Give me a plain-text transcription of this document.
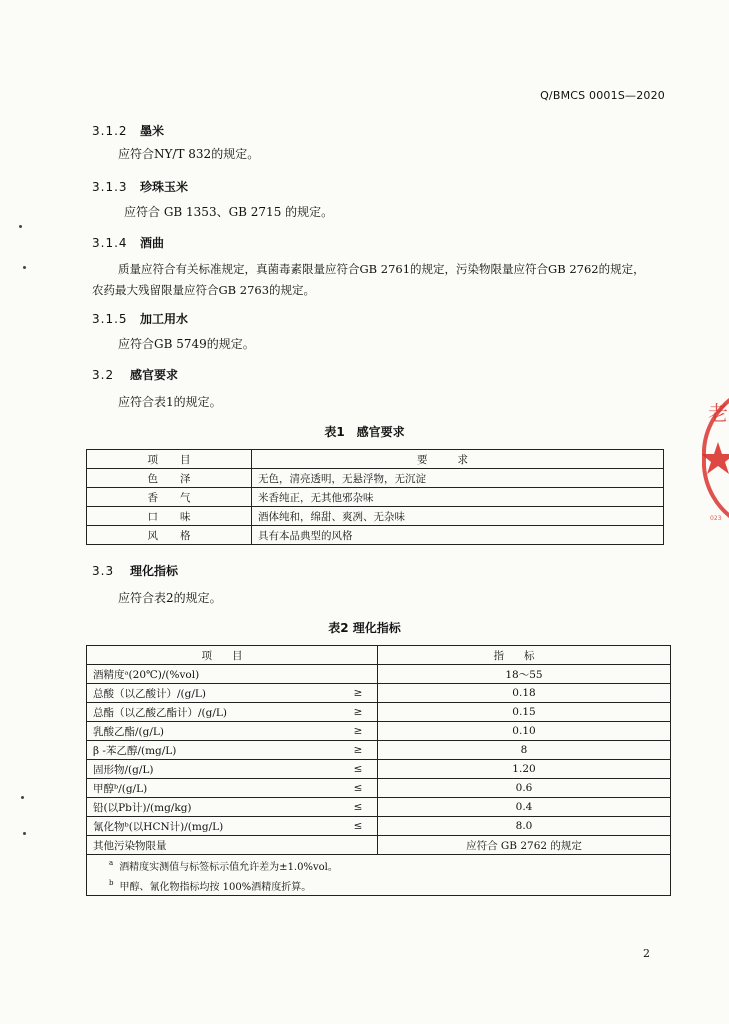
Q/BMCS 0001S—2020
3.1.2　 墨米
应符合NY/T 832的规定。
3.1.3　 珍珠玉米
应符合 GB 1353、GB 2715 的规定。
3.1.4　 酒曲
质量应符合有关标准规定，真菌毒素限量应符合GB 2761的规定，污染物限量应符合GB 2762的规定，
农药最大残留限量应符合GB 2763的规定。
3.1.5　 加工用水
应符合GB 5749的规定。
3.2　 感官要求
应符合表1的规定。
表1　感官要求
项目	要求
色泽	无色，清亮透明，无悬浮物，无沉淀
香气	米香纯正，无其他邪杂味
口味	酒体纯和，绵甜、爽冽、无杂味
风格	具有本品典型的风格
3.3　 理化指标
应符合表2的规定。
表2 理化指标
项目		指标
酒精度ᵃ(20℃)/(%vol)		18～55
总酸（以乙酸计）/(g/L)	≥	0.18
总酯（以乙酸乙酯计）/(g/L)	≥	0.15
乳酸乙酯/(g/L)	≥	0.10
β -苯乙醇/(mg/L)	≥	8
固形物/(g/L)	≤	1.20
甲醇ᵇ/(g/L)	≤	0.6
铅(以Pb计)/(mg/kg)	≤	0.4
氰化物ᵇ(以HCN计)/(mg/L)	≤	8.0
其他污染物限量		应符合 GB 2762 的规定
$^a$ 酒精度实测值与标签标示值允许差为±1.0%vol。		
$^b$ 甲醇、氰化物指标均按 100%酒精度折算。		
2
老
023
